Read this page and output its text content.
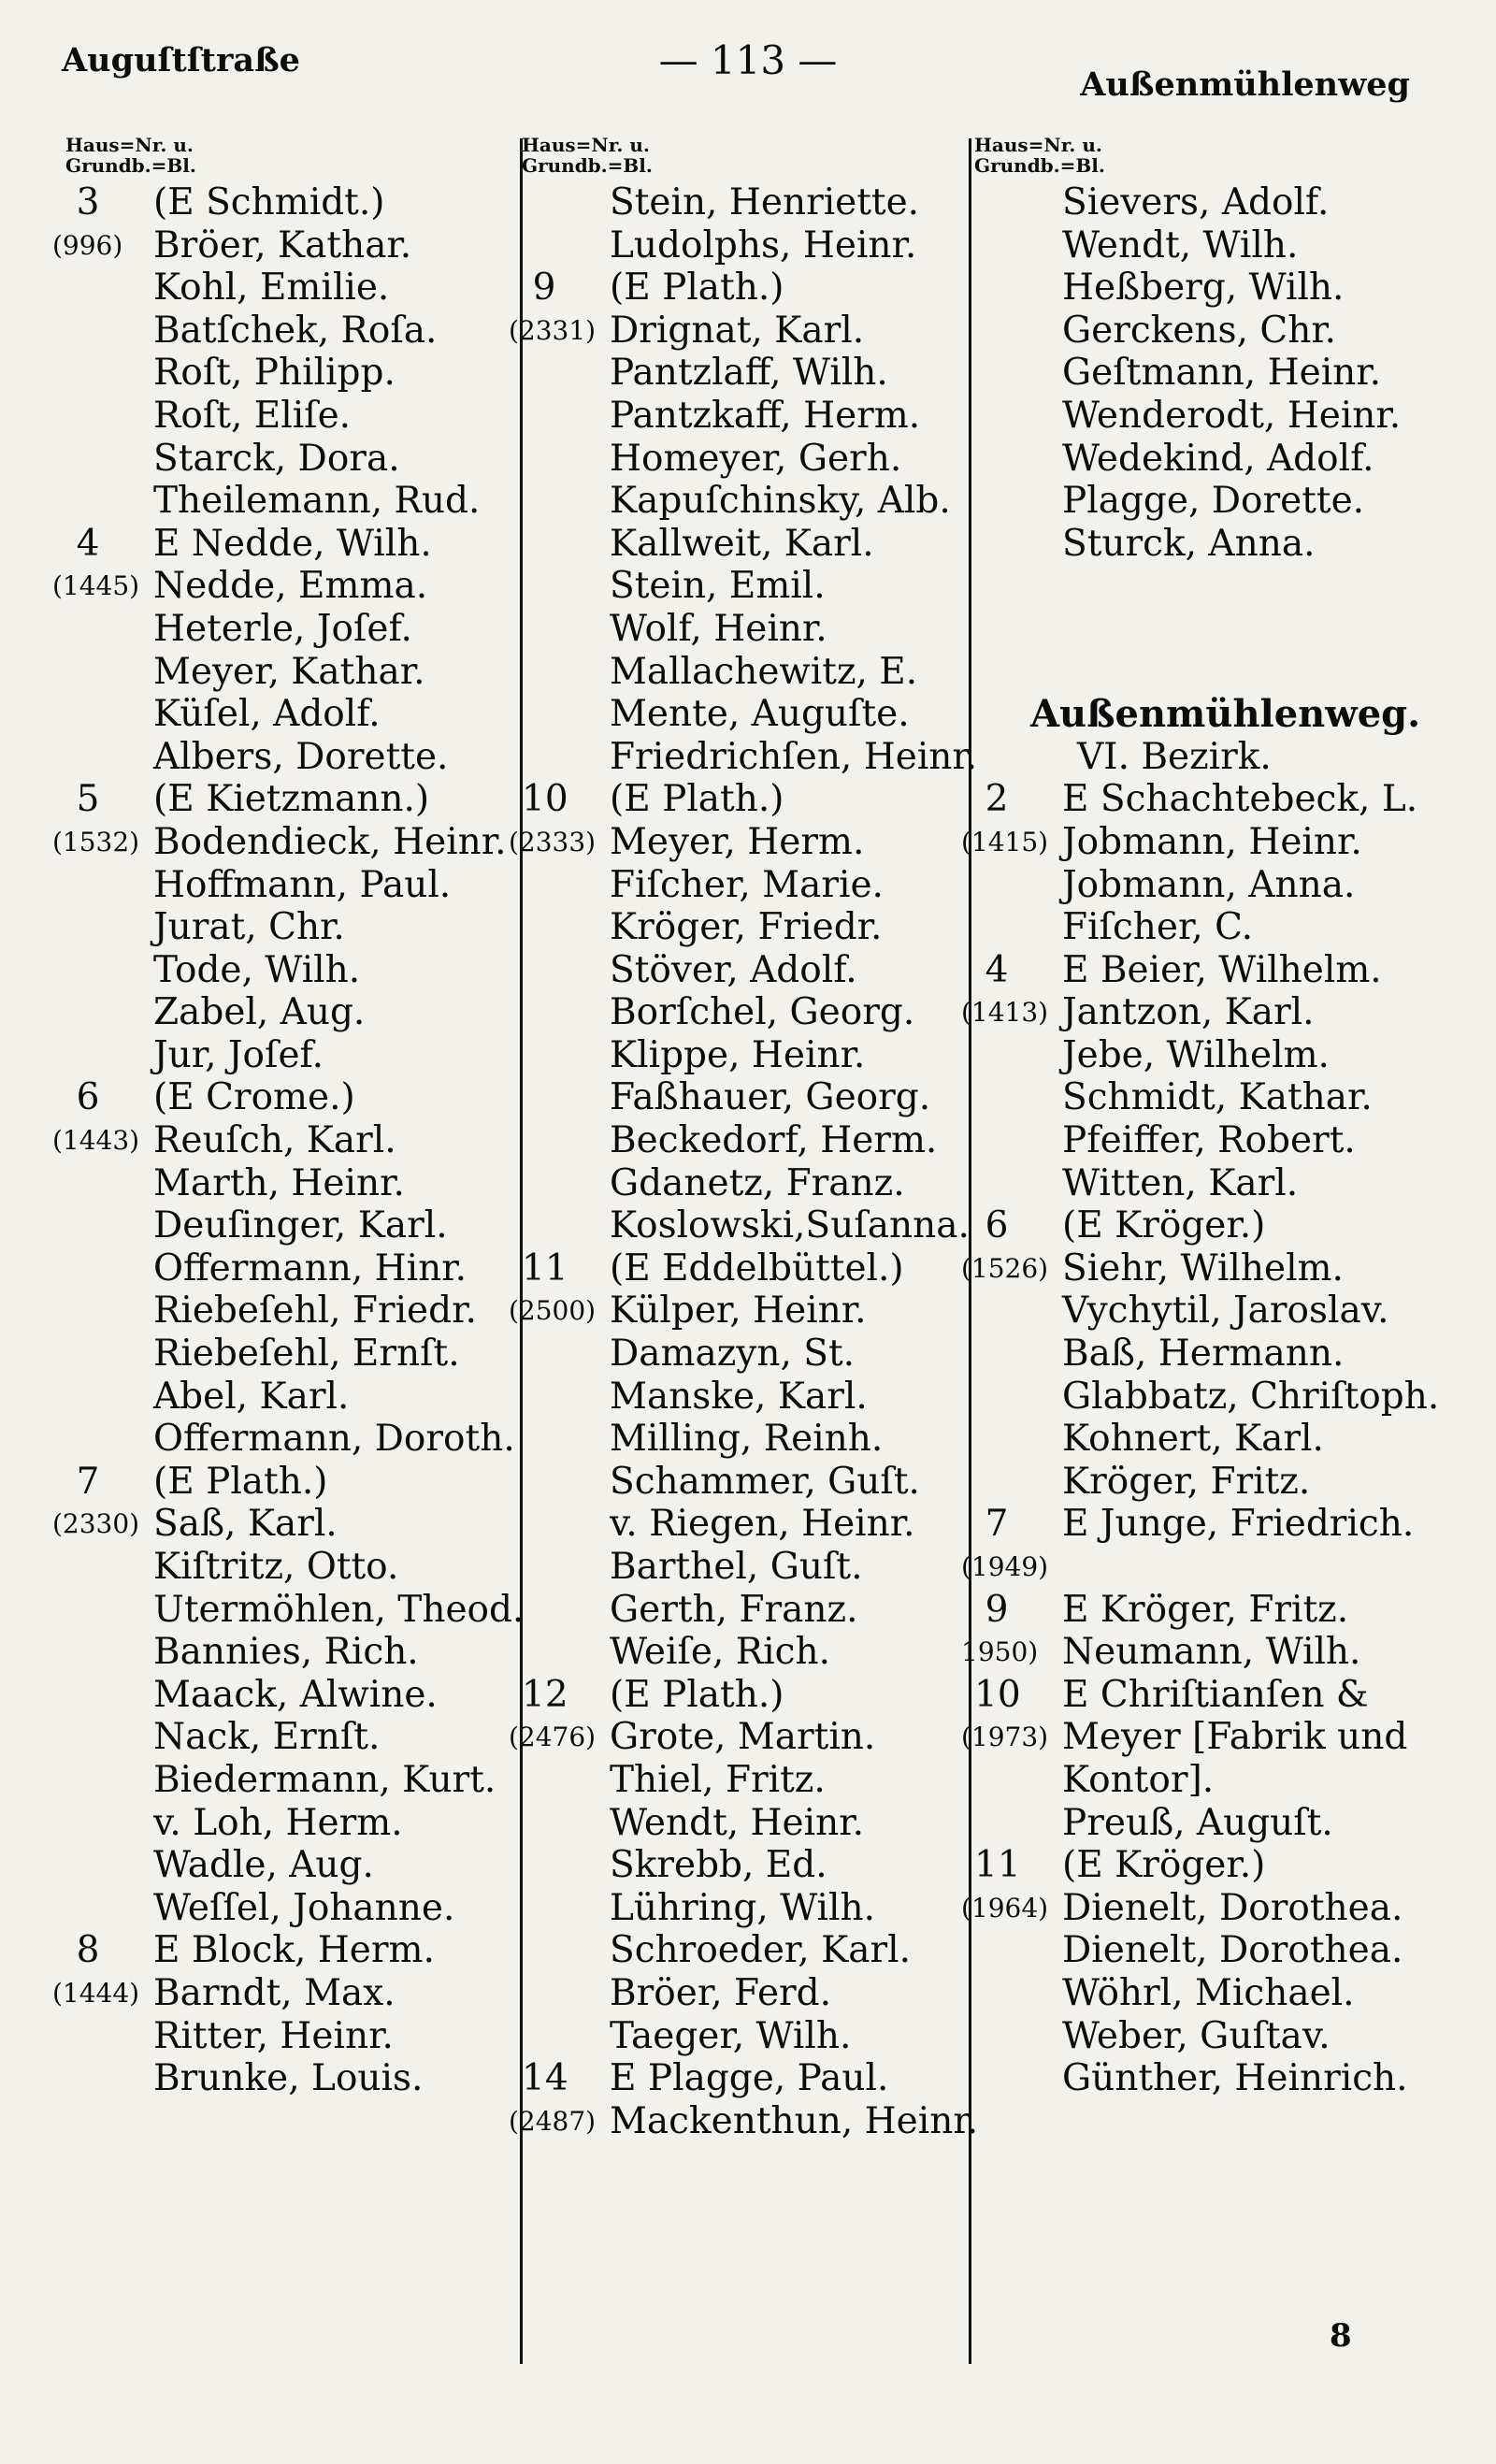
Auguſtſtraße	— 113 —
Außenmühlenweg
Haus=Nr. u.
Grundb.=Bl.
3 (E Schmidt.)
(996) Bröer, Kathar.
Kohl, Emilie.
Batſchek, Roſa.
Roſt, Philipp.
Roſt, Eliſe.
Starck, Dora.
Theilemann, Rud.
4 E Nedde, Wilh.
(1445) Nedde, Emma.
Heterle, Joſef.
Meyer, Kathar.
Küſel, Adolf.
Albers, Dorette.
5 (E Kietzmann.)
(1532) Bodendieck, Heinr.
Hoffmann, Paul.
Jurat, Chr.
Tode, Wilh.
Zabel, Aug.
Jur, Joſef.
6 (E Crome.)
(1443) Reuſch, Karl.
Marth, Heinr.
Deuſinger, Karl.
Offermann, Hinr.
Riebeſehl, Friedr.
Riebeſehl, Ernſt.
Abel, Karl.
Offermann, Doroth.
7 (E Plath.)
(2330) Saß, Karl.
Kiſtritz, Otto.
Utermöhlen, Theod.
Bannies, Rich.
Maack, Alwine.
Nack, Ernſt.
Biedermann, Kurt.
v. Loh, Herm.
Wadle, Aug.
Weſſel, Johanne.
8 E Block, Herm.
(1444) Barndt, Max.
Ritter, Heinr.
Brunke, Louis.
Haus=Nr. u.
Grundb.=Bl.
Stein, Henriette.
Ludolphs, Heinr.
9 (E Plath.)
(2331) Drignat, Karl.
Pantzlaff, Wilh.
Pantzkaff, Herm.
Homeyer, Gerh.
Kapuſchinsky, Alb.
Kallweit, Karl.
Stein, Emil.
Wolf, Heinr.
Mallachewitz, E.
Mente, Auguſte.
Friedrichſen, Heinr.
10 (E Plath.)
(2333) Meyer, Herm.
Fiſcher, Marie.
Kröger, Friedr.
Stöver, Adolf.
Borſchel, Georg.
Klippe, Heinr.
Faßhauer, Georg.
Beckedorf, Herm.
Gdanetz, Franz.
Koslowski,Suſanna.
11 (E Eddelbüttel.)
(2500) Külper, Heinr.
Damazyn, St.
Manske, Karl.
Milling, Reinh.
Schammer, Guſt.
v. Riegen, Heinr.
Barthel, Guſt.
Gerth, Franz.
Weiſe, Rich.
12 (E Plath.)
(2476) Grote, Martin.
Thiel, Fritz.
Wendt, Heinr.
Skrebb, Ed.
Lühring, Wilh.
Schroeder, Karl.
Bröer, Ferd.
Taeger, Wilh.
14 E Plagge, Paul.
(2487) Mackenthun, Heinr.
Haus=Nr. u.
Grundb.=Bl.
Sievers, Adolf.
Wendt, Wilh.
Heßberg, Wilh.
Gerckens, Chr.
Geſtmann, Heinr.
Wenderodt, Heinr.
Wedekind, Adolf.
Plagge, Dorette.
Sturck, Anna.
Außenmühlenweg.
VI. Bezirk.
2 E Schachtebeck, L.
(1415) Jobmann, Heinr.
Jobmann, Anna.
Fiſcher, C.
4 E Beier, Wilhelm.
(1413) Jantzon, Karl.
Jebe, Wilhelm.
Schmidt, Kathar.
Pfeiffer, Robert.
Witten, Karl.
6 (E Kröger.)
(1526) Siehr, Wilhelm.
Vychytil, Jaroslav.
Baß, Hermann.
Glabbatz, Chriſtoph.
Kohnert, Karl.
Kröger, Fritz.
7 E Junge, Friedrich.
(1949)
9 E Kröger, Fritz.
1950) Neumann, Wilh.
10 E Chriſtianſen &
(1973) Meyer [Fabrik und
Kontor].
Preuß, Auguſt.
11 (E Kröger.)
(1964) Dienelt, Dorothea.
Dienelt, Dorothea.
Wöhrl, Michael.
Weber, Guſtav.
Günther, Heinrich.
8
